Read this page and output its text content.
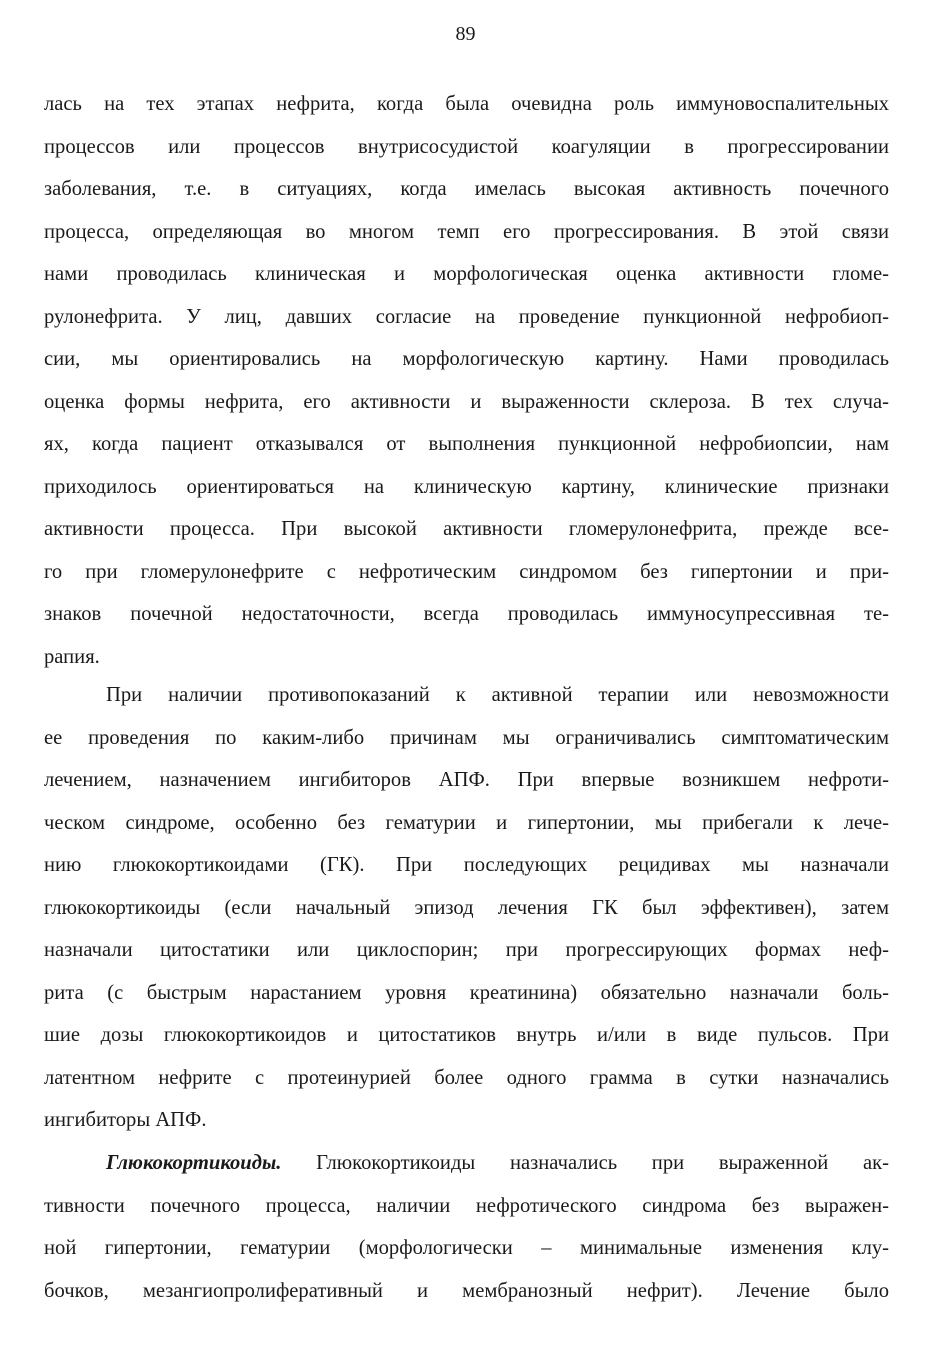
89
лась на тех этапах нефрита, когда была очевидна роль иммуновоспалительных
процессов или процессов внутрисосудистой коагуляции в прогрессировании
заболевания, т.е. в ситуациях, когда имелась высокая активность почечного
процесса, определяющая во многом темп его прогрессирования. В этой связи
нами проводилась клиническая и морфологическая оценка активности гломе-
рулонефрита. У лиц, давших согласие на проведение пункционной нефробиоп-
сии, мы ориентировались на морфологическую картину. Нами проводилась
оценка формы нефрита, его активности и выраженности склероза. В тех случа-
ях, когда пациент отказывался от выполнения пункционной нефробиопсии, нам
приходилось ориентироваться на клиническую картину, клинические признаки
активности процесса. При высокой активности гломерулонефрита, прежде все-
го при гломерулонефрите с нефротическим синдромом без гипертонии и при-
знаков почечной недостаточности, всегда проводилась иммуносупрессивная те-
рапия.
При наличии противопоказаний к активной терапии или невозможности
ее проведения по каким-либо причинам мы ограничивались симптоматическим
лечением, назначением ингибиторов АПФ. При впервые возникшем нефроти-
ческом синдроме, особенно без гематурии и гипертонии, мы прибегали к лече-
нию глюкокортикоидами (ГК). При последующих рецидивах мы назначали
глюкокортикоиды (если начальный эпизод лечения ГК был эффективен), затем
назначали цитостатики или циклоспорин; при прогрессирующих формах неф-
рита (с быстрым нарастанием уровня креатинина) обязательно назначали боль-
шие дозы глюкокортикоидов и цитостатиков внутрь и/или в виде пульсов. При
латентном нефрите с протеинурией более одного грамма в сутки назначались
ингибиторы АПФ.
Глюкокортикоиды. Глюкокортикоиды назначались при выраженной ак-
тивности почечного процесса, наличии нефротического синдрома без выражен-
ной гипертонии, гематурии (морфологически – минимальные изменения клу-
бочков, мезангиопролиферативный и мембранозный нефрит). Лечение было
